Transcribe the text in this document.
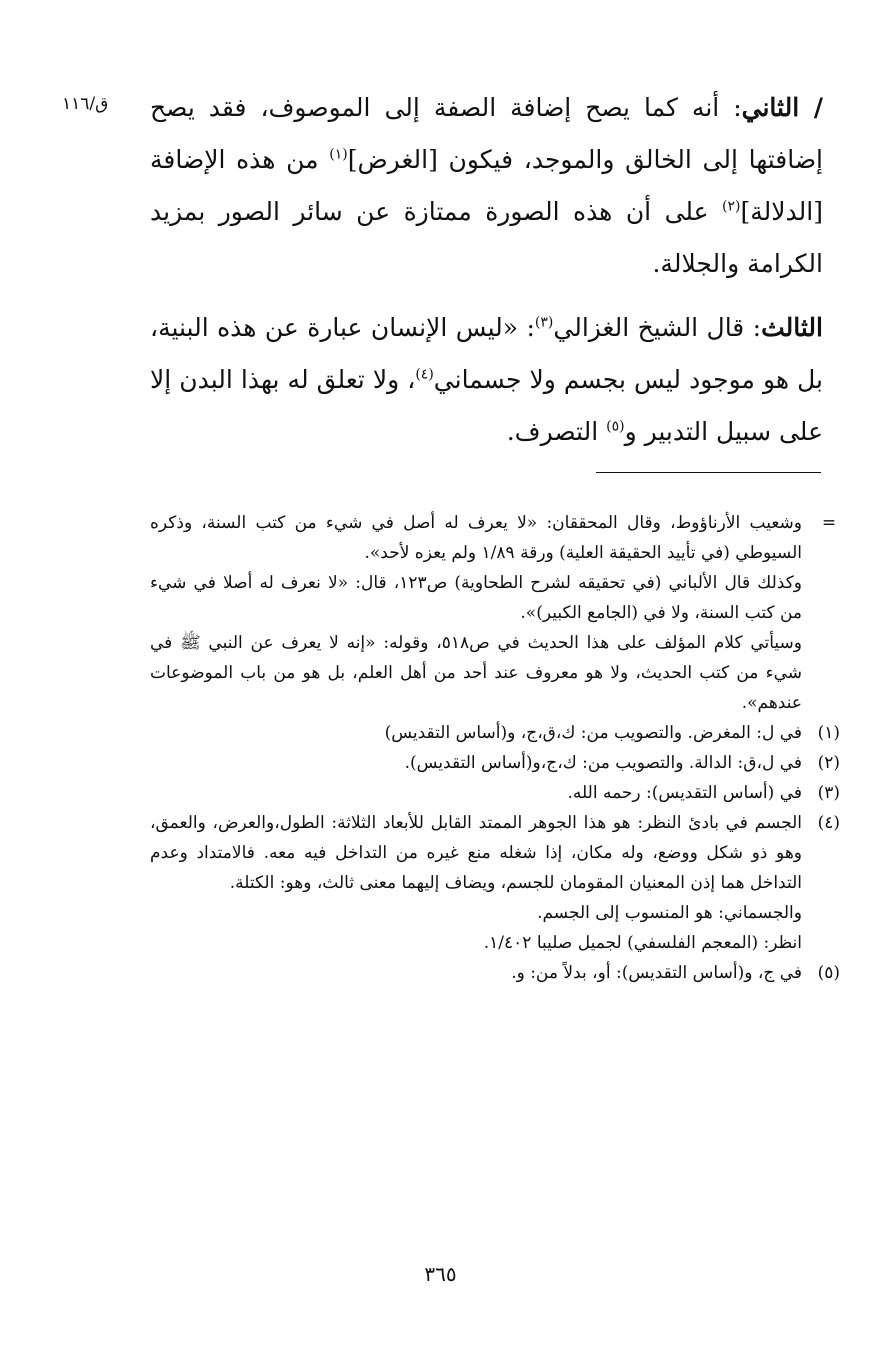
ق/١١٦	/ الثاني: أنه كما يصح إضافة الصفة إلى الموصوف، فقد يصح إضافتها إلى الخالق والموجد، فيكون [الغرض]$^{(١)}$ من هذه الإضافة [الدلالة]$^{(٢)}$ على أن هذه الصورة ممتازة عن سائر الصور بمزيد الكرامة والجلالة.

الثالث: قال الشيخ الغزالي$^{(٣)}$: «ليس الإنسان عبارة عن هذه البنية، بل هو موجود ليس بجسم ولا جسماني$^{(٤)}$، ولا تعلق له بهذا البدن إلا على سبيل التدبير و$^{(٥)}$ التصرف.

=

وشعيب الأرناؤوط، وقال المحققان: «لا يعرف له أصل في شيء من كتب السنة، وذكره السيوطي (في تأييد الحقيقة العلية) ورقة ١/٨٩ ولم يعزه لأحد».

وكذلك قال الألباني (في تحقيقه لشرح الطحاوية) ص١٢٣، قال: «لا نعرف له أصلا في شيء من كتب السنة، ولا في (الجامع الكبير)».

وسيأتي كلام المؤلف على هذا الحديث في ص٥١٨، وقوله: «إنه لا يعرف عن النبي ﷺ في شيء من كتب الحديث، ولا هو معروف عند أحد من أهل العلم، بل هو من باب الموضوعات عندهم».

(١)

في ل: المغرض. والتصويب من: ك،ق،ج، و(أساس التقديس)

(٢)

في ل،ق: الدالة. والتصويب من: ك،ج،و(أساس التقديس).

(٣)

في (أساس التقديس): رحمه الله.

(٤)

الجسم في بادئ النظر: هو هذا الجوهر الممتد القابل للأبعاد الثلاثة: الطول،والعرض، والعمق، وهو ذو شكل ووضع، وله مكان، إذا شغله منع غيره من التداخل فيه معه. فالامتداد وعدم التداخل هما إذن المعنيان المقومان للجسم، ويضاف إليهما معنى ثالث، وهو: الكتلة.

والجسماني: هو المنسوب إلى الجسم.

انظر: (المعجم الفلسفي) لجميل صليبا ١/٤٠٢.

(٥)

في ج، و(أساس التقديس): أو، بدلاً من: و.

٣٦٥
